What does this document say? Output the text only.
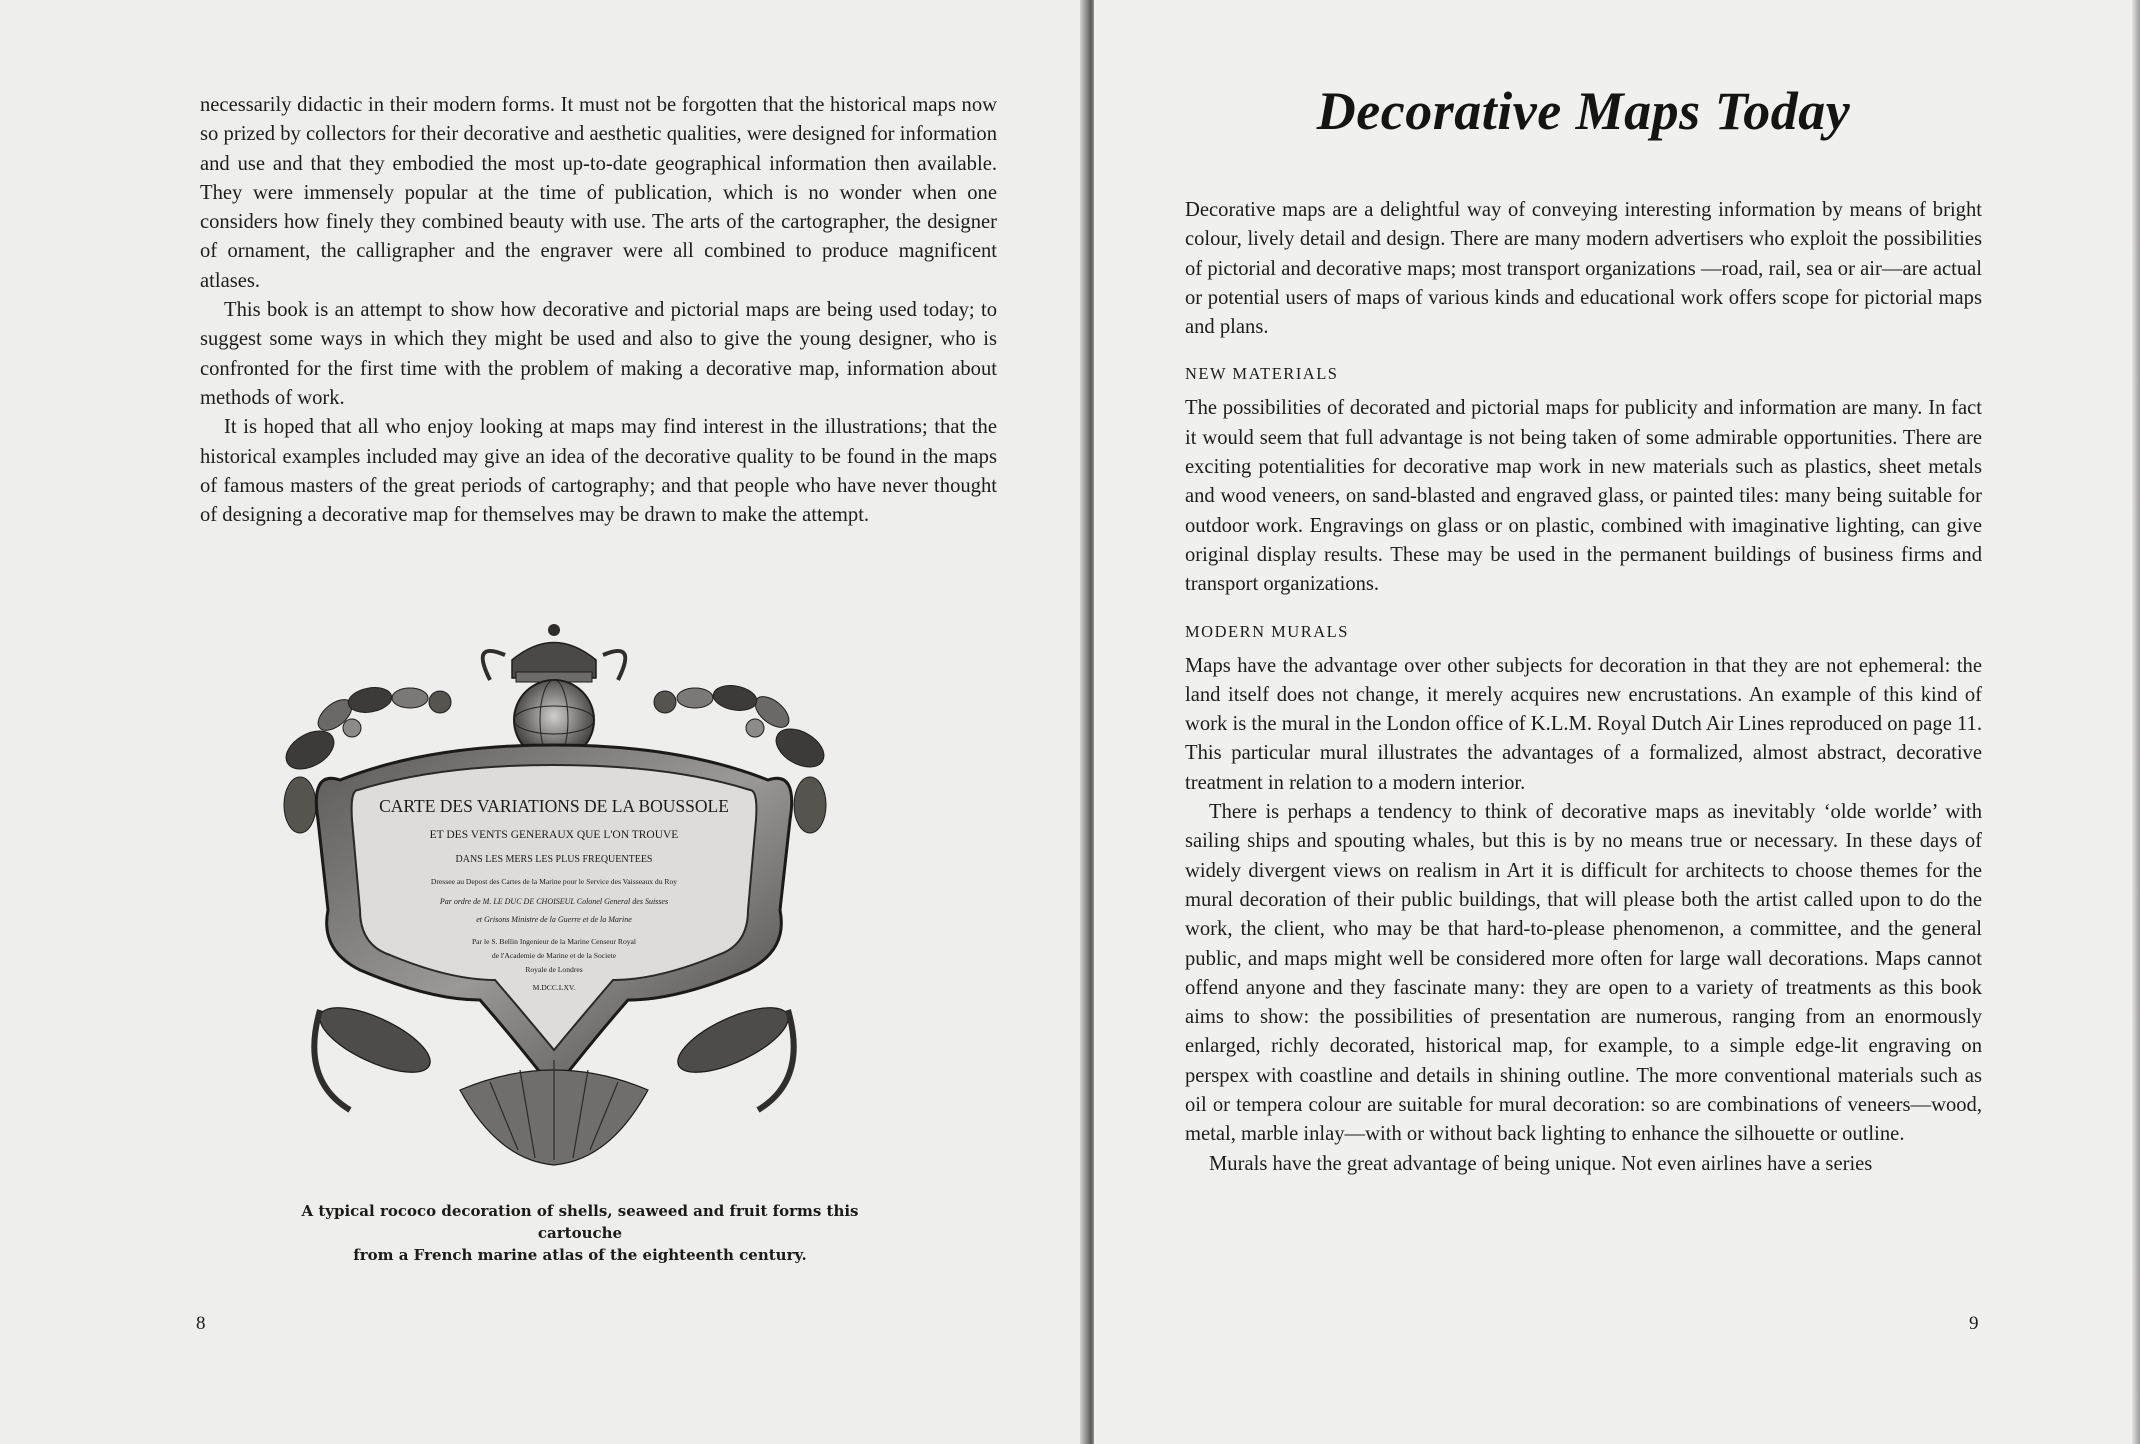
necessarily didactic in their modern forms. It must not be forgotten that the historical maps now so prized by collectors for their decorative and aesthetic qualities, were designed for information and use and that they embodied the most up-to-date geographical information then available. They were immensely popular at the time of publication, which is no wonder when one considers how finely they combined beauty with use. The arts of the cartographer, the designer of ornament, the calligrapher and the engraver were all combined to produce magnificent atlases.

This book is an attempt to show how decorative and pictorial maps are being used today; to suggest some ways in which they might be used and also to give the young designer, who is confronted for the first time with the problem of making a decorative map, information about methods of work.

It is hoped that all who enjoy looking at maps may find interest in the illustrations; that the historical examples included may give an idea of the decorative quality to be found in the maps of famous masters of the great periods of cartography; and that people who have never thought of designing a decorative map for themselves may be drawn to make the attempt.

CARTE DES VARIATIONS DE LA BOUSSOLE
ET DES VENTS GENERAUX QUE L'ON TROUVE
DANS LES MERS LES PLUS FREQUENTEES
Dressee au Depost des Cartes de la Marine pour le Service des Vaisseaux du Roy
Par ordre de M. LE DUC DE CHOISEUL Colonel General des Suisses
et Grisons Ministre de la Guerre et de la Marine
Par le S. Bellin Ingenieur de la Marine Censeur Royal
de l'Academie de Marine et de la Societe
Royale de Londres
M.DCC.LXV.
A typical rococo decoration of shells, seaweed and fruit forms this cartouche
from a French marine atlas of the eighteenth century.
8
Decorative Maps Today

Decorative maps are a delightful way of conveying interesting information by means of bright colour, lively detail and design. There are many modern advertisers who exploit the possibilities of pictorial and decorative maps; most transport organizations —road, rail, sea or air—are actual or potential users of maps of various kinds and educational work offers scope for pictorial maps and plans.

NEW MATERIALS

The possibilities of decorated and pictorial maps for publicity and information are many. In fact it would seem that full advantage is not being taken of some admirable opportunities. There are exciting potentialities for decorative map work in new materials such as plastics, sheet metals and wood veneers, on sand-blasted and engraved glass, or painted tiles: many being suitable for outdoor work. Engravings on glass or on plastic, combined with imaginative lighting, can give original display results. These may be used in the permanent buildings of business firms and transport organizations.

MODERN MURALS

Maps have the advantage over other subjects for decoration in that they are not ephemeral: the land itself does not change, it merely acquires new encrustations. An example of this kind of work is the mural in the London office of K.L.M. Royal Dutch Air Lines reproduced on page 11. This particular mural illustrates the advantages of a formalized, almost abstract, decorative treatment in relation to a modern interior.

There is perhaps a tendency to think of decorative maps as inevitably ‘olde worlde’ with sailing ships and spouting whales, but this is by no means true or necessary. In these days of widely divergent views on realism in Art it is difficult for architects to choose themes for the mural decoration of their public buildings, that will please both the artist called upon to do the work, the client, who may be that hard-to-please phenomenon, a committee, and the general public, and maps might well be considered more often for large wall decorations. Maps cannot offend anyone and they fascinate many: they are open to a variety of treatments as this book aims to show: the possibilities of presentation are numerous, ranging from an enormously enlarged, richly decorated, historical map, for example, to a simple edge-lit engraving on perspex with coastline and details in shining outline. The more conventional materials such as oil or tempera colour are suitable for mural decoration: so are combinations of veneers—wood, metal, marble inlay—with or without back lighting to enhance the silhouette or outline.

Murals have the great advantage of being unique. Not even airlines have a series

9
